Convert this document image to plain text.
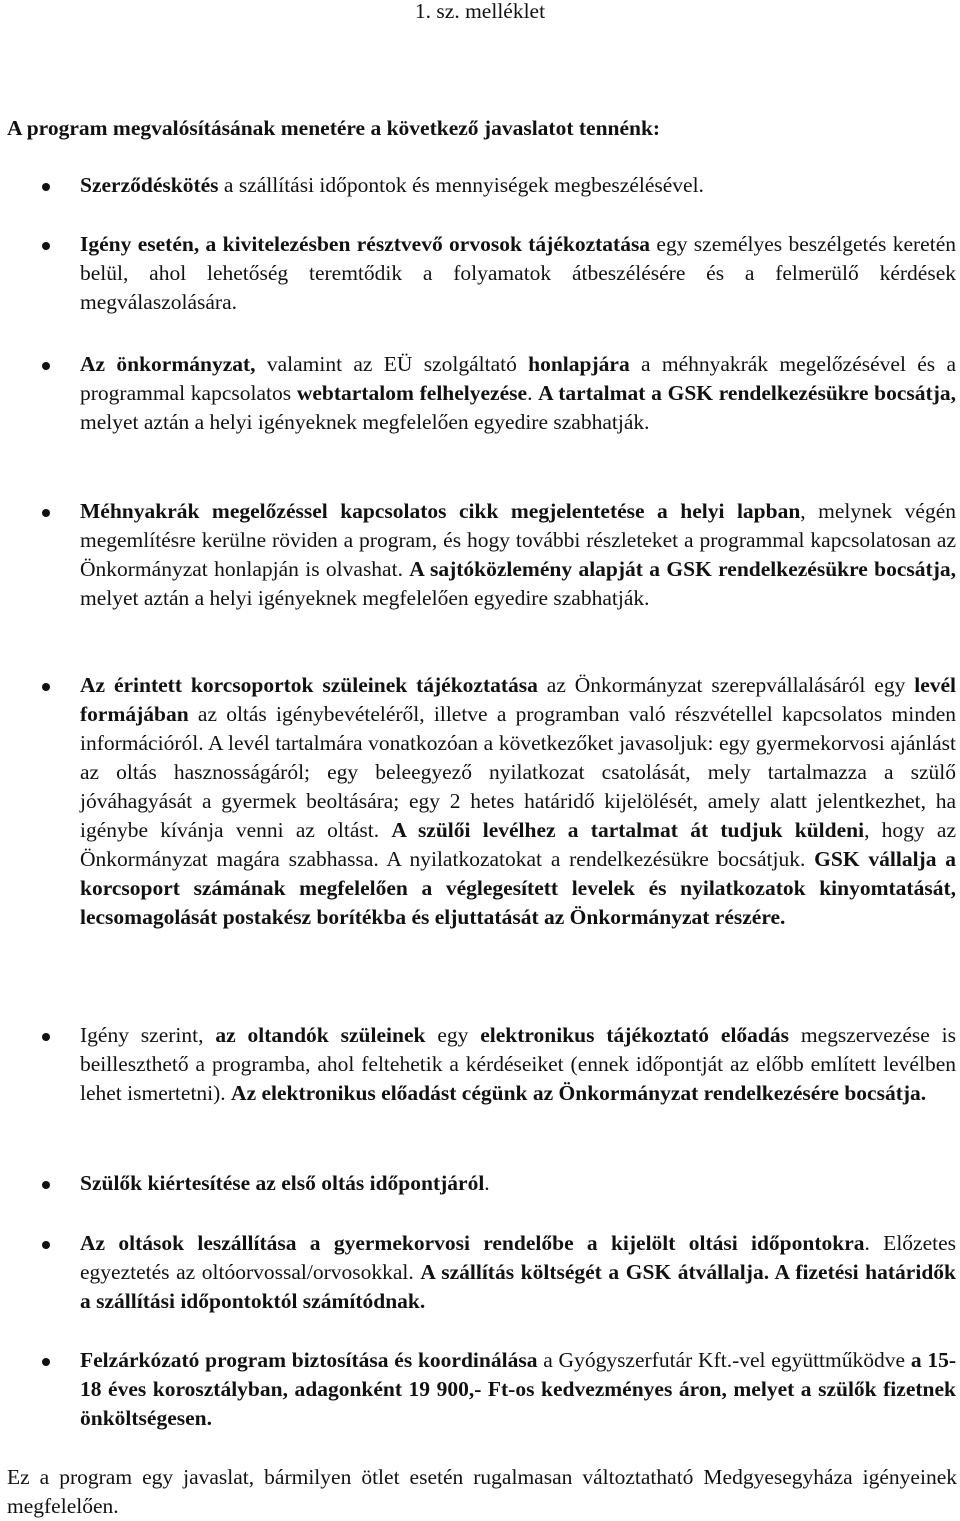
1. sz. melléklet

A program megvalósításának menetére a következő javaslatot tennénk:

Szerződéskötés a szállítási időpontok és mennyiségek megbeszélésével.

Igény esetén, a kivitelezésben résztvevő orvosok tájékoztatása egy személyes beszélgetés keretén belül, ahol lehetőség teremtődik a folyamatok átbeszélésére és a felmerülő kérdések megválaszolására.

Az önkormányzat, valamint az EÜ szolgáltató honlapjára a méhnyakrák megelőzésével és a programmal kapcsolatos webtartalom felhelyezése. A tartalmat a GSK rendelkezésükre bocsátja, melyet aztán a helyi igényeknek megfelelően egyedire szabhatják.

Méhnyakrák megelőzéssel kapcsolatos cikk megjelentetése a helyi lapban, melynek végén megemlítésre kerülne röviden a program, és hogy további részleteket a programmal kapcsolatosan az Önkormányzat honlapján is olvashat. A sajtóközlemény alapját a GSK rendelkezésükre bocsátja, melyet aztán a helyi igényeknek megfelelően egyedire szabhatják.

Az érintett korcsoportok szüleinek tájékoztatása az Önkormányzat szerepvállalásáról egy levél formájában az oltás igénybevételéről, illetve a programban való részvétellel kapcsolatos minden információról. A levél tartalmára vonatkozóan a következőket javasoljuk: egy gyermekorvosi ajánlást az oltás hasznosságáról; egy beleegyező nyilatkozat csatolását, mely tartalmazza a szülő jóváhagyását a gyermek beoltására; egy 2 hetes határidő kijelölését, amely alatt jelentkezhet, ha igénybe kívánja venni az oltást. A szülői levélhez a tartalmat át tudjuk küldeni, hogy az Önkormányzat magára szabhassa. A nyilatkozatokat a rendelkezésükre bocsátjuk. GSK vállalja a korcsoport számának megfelelően a véglegesített levelek és nyilatkozatok kinyomtatását, lecsomagolását postakész borítékba és eljuttatását az Önkormányzat részére.

Igény szerint, az oltandók szüleinek egy elektronikus tájékoztató előadás megszervezése is beilleszthető a programba, ahol feltehetik a kérdéseiket (ennek időpontját az előbb említett levélben lehet ismertetni). Az elektronikus előadást cégünk az Önkormányzat rendelkezésére bocsátja.

Szülők kiértesítése az első oltás időpontjáról.

Az oltások leszállítása a gyermekorvosi rendelőbe a kijelölt oltási időpontokra. Előzetes egyeztetés az oltóorvossal/orvosokkal. A szállítás költségét a GSK átvállalja. A fizetési határidők a szállítási időpontoktól számítódnak.

Felzárkózató program biztosítása és koordinálása a Gyógyszerfutár Kft.-vel együttműködve a 15-18 éves korosztályban, adagonként 19 900,- Ft-os kedvezményes áron, melyet a szülők fizetnek önköltségesen.

Ez a program egy javaslat, bármilyen ötlet esetén rugalmasan változtatható Medgyesegyháza igényeinek megfelelően.
